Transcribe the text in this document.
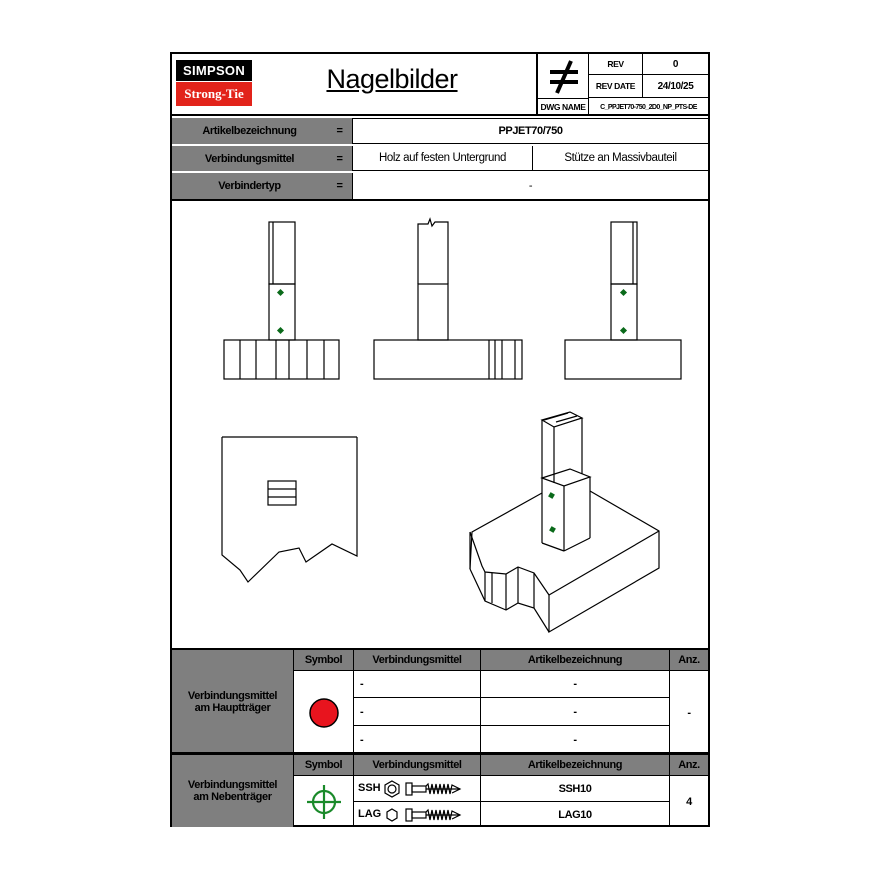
SIMPSON
Strong-Tie	Nagelbilder
DWG NAME
REV	0
REV DATE	24/10/25
C_PPJET70-750_2D0_NP_PTS-DE
Artikelbezeichnung	=	PPJET70/750
Verbindungsmittel	=	Holz auf festen Untergrund	Stütze an Massivbauteil
Verbindertyp	=	-
Verbindungsmittel am Hauptträger
Symbol	Verbindungsmittel	Artikelbezeichnung	Anz.
-	-
-	-
-	-
-
Verbindungsmittel am Nebenträger
Symbol	Verbindungsmittel	Artikelbezeichnung	Anz.
SSH	SSH10
LAG	LAG10
4
